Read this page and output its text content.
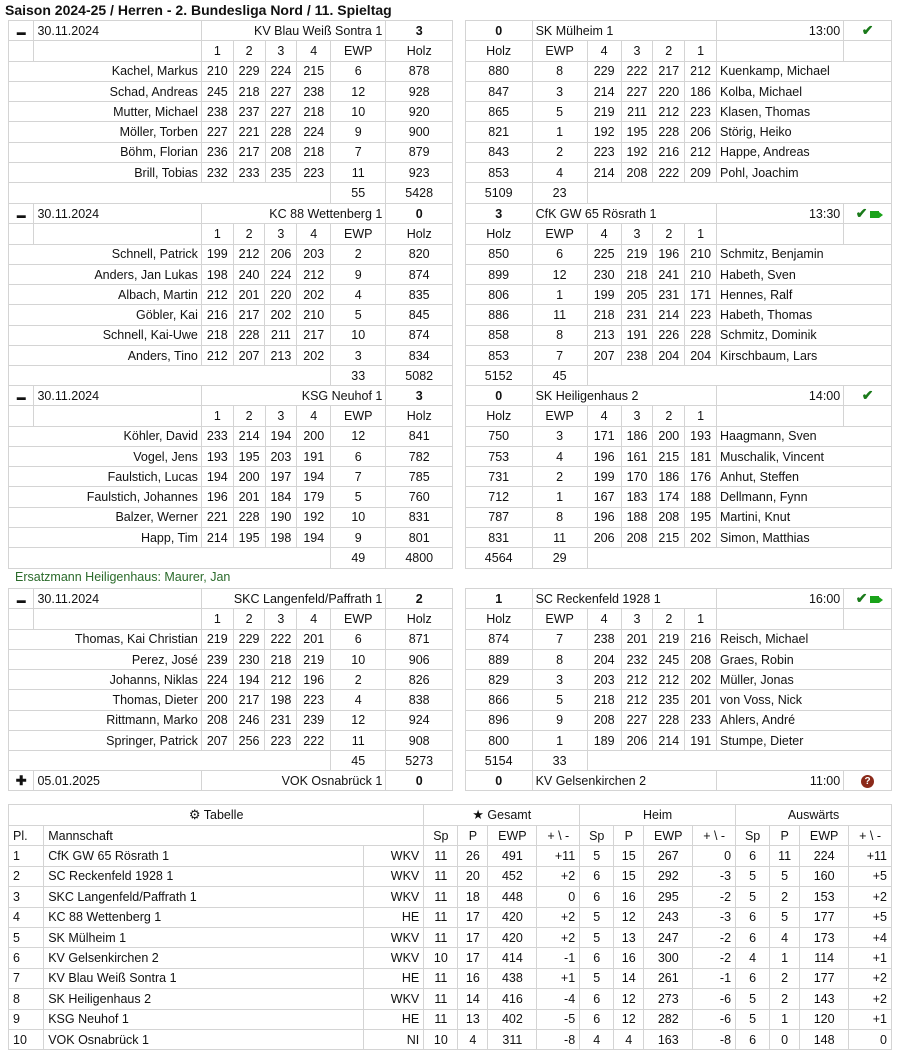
Saison 2024-25 / Herren - 2. Bundesliga Nord / 11. Spieltag
▬	30.11.2024	KV Blau Weiß Sontra 1					3		0	SK Mülheim 1					13:00	✔
		1	2	3	4	EWP	Holz		Holz	EWP	4	3	2	1		
Kachel, Markus		210	229	224	215	6	878		880	8	229	222	217	212	Kuenkamp, Michael	
Schad, Andreas		245	218	227	238	12	928		847	3	214	227	220	186	Kolba, Michael	
Mutter, Michael		238	237	227	218	10	920		865	5	219	211	212	223	Klasen, Thomas	
Möller, Torben		227	221	228	224	9	900		821	1	192	195	228	206	Störig, Heiko	
Böhm, Florian		236	217	208	218	7	879		843	2	223	192	216	212	Happe, Andreas	
Brill, Tobias		232	233	235	223	11	923		853	4	214	208	222	209	Pohl, Joachim	
						55	5428		5109	23						
▬	30.11.2024	KC 88 Wettenberg 1					0		3	CfK GW 65 Rösrath 1					13:30	✔
		1	2	3	4	EWP	Holz		Holz	EWP	4	3	2	1		
Schnell, Patrick		199	212	206	203	2	820		850	6	225	219	196	210	Schmitz, Benjamin	
Anders, Jan Lukas		198	240	224	212	9	874		899	12	230	218	241	210	Habeth, Sven	
Albach, Martin		212	201	220	202	4	835		806	1	199	205	231	171	Hennes, Ralf	
Göbler, Kai		216	217	202	210	5	845		886	11	218	231	214	223	Habeth, Thomas	
Schnell, Kai-Uwe		218	228	211	217	10	874		858	8	213	191	226	228	Schmitz, Dominik	
Anders, Tino		212	207	213	202	3	834		853	7	207	238	204	204	Kirschbaum, Lars	
						33	5082		5152	45						
▬	30.11.2024	KSG Neuhof 1					3		0	SK Heiligenhaus 2					14:00	✔
		1	2	3	4	EWP	Holz		Holz	EWP	4	3	2	1		
Köhler, David		233	214	194	200	12	841		750	3	171	186	200	193	Haagmann, Sven	
Vogel, Jens		193	195	203	191	6	782		753	4	196	161	215	181	Muschalik, Vincent	
Faulstich, Lucas		194	200	197	194	7	785		731	2	199	170	186	176	Anhut, Steffen	
Faulstich, Johannes		196	201	184	179	5	760		712	1	167	183	174	188	Dellmann, Fynn	
Balzer, Werner		221	228	190	192	10	831		787	8	196	188	208	195	Martini, Knut	
Happ, Tim		214	195	198	194	9	801		831	11	206	208	215	202	Simon, Matthias	
						49	4800		4564	29						
Ersatzmann Heiligenhaus: Maurer, Jan
▬	30.11.2024	SKC Langenfeld/Paffrath 1					2		1	SC Reckenfeld 1928 1					16:00	✔
		1	2	3	4	EWP	Holz		Holz	EWP	4	3	2	1		
Thomas, Kai Christian		219	229	222	201	6	871		874	7	238	201	219	216	Reisch, Michael	
Perez, José		239	230	218	219	10	906		889	8	204	232	245	208	Graes, Robin	
Johanns, Niklas		224	194	212	196	2	826		829	3	203	212	212	202	Müller, Jonas	
Thomas, Dieter		200	217	198	223	4	838		866	5	218	212	235	201	von Voss, Nick	
Rittmann, Marko		208	246	231	239	12	924		896	9	208	227	228	233	Ahlers, André	
Springer, Patrick		207	256	223	222	11	908		800	1	189	206	214	191	Stumpe, Dieter	
						45	5273		5154	33						
✚	05.01.2025	VOK Osnabrück 1	0		0	KV Gelsenkirchen 2	11:00	?
⚙ Tabelle			★ Gesamt				Heim				Auswärts			
Pl.	Mannschaft		Sp	P	EWP	+ \ -	Sp	P	EWP	+ \ -	Sp	P	EWP	+ \ -
1	CfK GW 65 Rösrath 1	WKV	11	26	491	+11	5	15	267	0	6	11	224	+11
2	SC Reckenfeld 1928 1	WKV	11	20	452	+2	6	15	292	-3	5	5	160	+5
3	SKC Langenfeld/Paffrath 1	WKV	11	18	448	0	6	16	295	-2	5	2	153	+2
4	KC 88 Wettenberg 1	HE	11	17	420	+2	5	12	243	-3	6	5	177	+5
5	SK Mülheim 1	WKV	11	17	420	+2	5	13	247	-2	6	4	173	+4
6	KV Gelsenkirchen 2	WKV	10	17	414	-1	6	16	300	-2	4	1	114	+1
7	KV Blau Weiß Sontra 1	HE	11	16	438	+1	5	14	261	-1	6	2	177	+2
8	SK Heiligenhaus 2	WKV	11	14	416	-4	6	12	273	-6	5	2	143	+2
9	KSG Neuhof 1	HE	11	13	402	-5	6	12	282	-6	5	1	120	+1
10	VOK Osnabrück 1	NI	10	4	311	-8	4	4	163	-8	6	0	148	0
